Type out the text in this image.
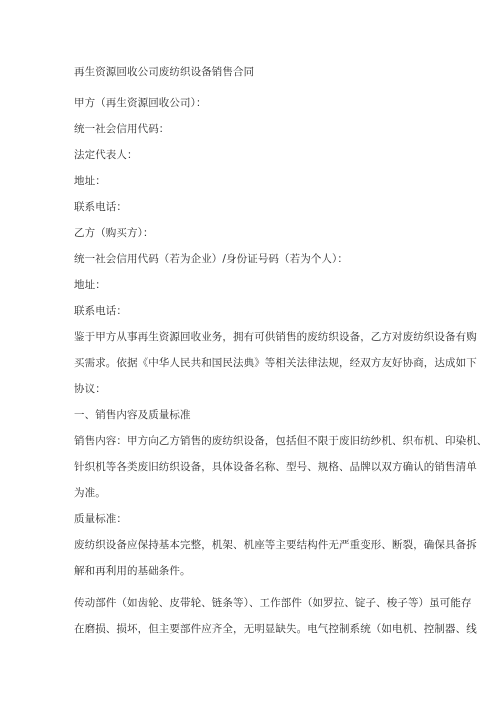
再生资源回收公司废纺织设备销售合同
甲方（再生资源回收公司）：
统一社会信用代码：
法定代表人：
地址：
联系电话：
乙方（购买方）：
统一社会信用代码（若为企业）/身份证号码（若为个人）：
地址：
联系电话：
鉴于甲方从事再生资源回收业务，拥有可供销售的废纺织设备，乙方对废纺织设备有购
买需求。依据《中华人民共和国民法典》等相关法律法规，经双方友好协商，达成如下
协议：
一、销售内容及质量标准
销售内容：甲方向乙方销售的废纺织设备，包括但不限于废旧纺纱机、织布机、印染机、
针织机等各类废旧纺织设备，具体设备名称、型号、规格、品牌以双方确认的销售清单
为准。
质量标准：
废纺织设备应保持基本完整，机架、机座等主要结构件无严重变形、断裂，确保具备拆
解和再利用的基础条件。
传动部件（如齿轮、皮带轮、链条等）、工作部件（如罗拉、锭子、梭子等）虽可能存
在磨损、损坏，但主要部件应齐全，无明显缺失。电气控制系统（如电机、控制器、线
